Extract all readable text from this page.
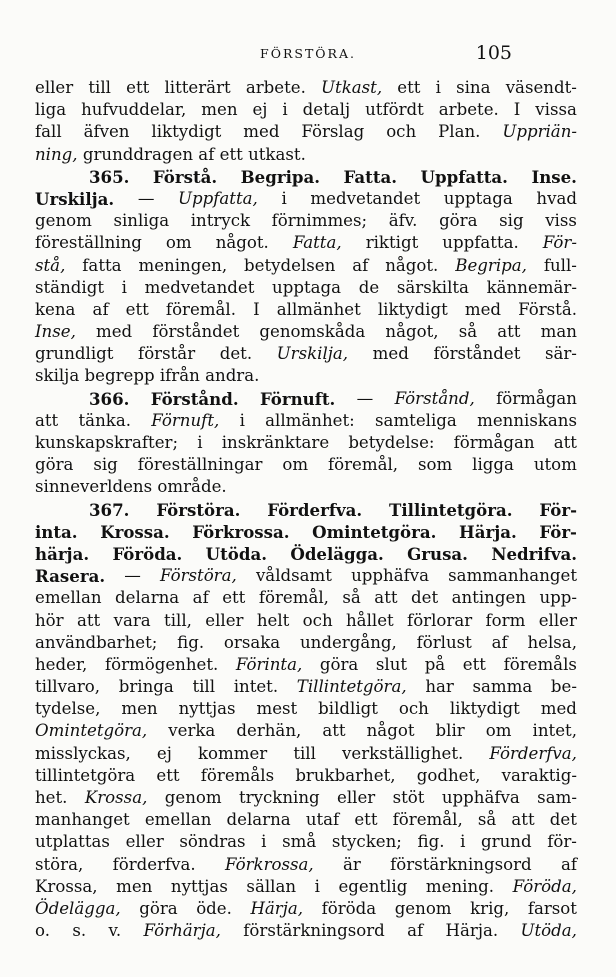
FÖRSTÖRA.	105
eller till ett litterärt arbete. Utkast, ett i sina väsendt-
liga hufvuddelar, men ej i detalj utfördt arbete. I vissa
fall äfven liktydigt med Förslag och Plan. Uppriän-
ning,
grunddragen
af
ett
utkast.

365. Förstå. Begripa. Fatta. Uppfatta. Inse.
Urskilja. — Uppfatta, i medvetandet upptaga hvad
genom sinliga intryck förnimmes; äfv. göra sig viss
föreställning om något. Fatta, riktigt uppfatta. För-
stå, fatta meningen, betydelsen af något. Begripa, full-
ständigt i medvetandet upptaga de särskilta kännemär-
kena af ett föremål. I allmänhet liktydigt med Förstå.
Inse, med förståndet genomskåda något, så att man
grundligt förstår det. Urskilja, med förståndet sär-
skilja
begrepp
ifrån
andra.

366. Förstånd. Förnuft. — Förstånd, förmågan
att tänka. Förnuft, i allmänhet: samteliga menniskans
kunskapskrafter; i inskränktare betydelse: förmågan att
göra sig föreställningar om föremål, som ligga utom
sinneverldens
område.

367. Förstöra. Förderfva. Tillintetgöra. För-
inta. Krossa. Förkrossa. Omintetgöra. Härja. För-
härja. Föröda. Utöda. Ödelägga. Grusa. Nedrifva.
Rasera. — Förstöra, våldsamt upphäfva sammanhanget
emellan delarna af ett föremål, så att det antingen upp-
hör att vara till, eller helt och hållet förlorar form eller
användbarhet; fig. orsaka undergång, förlust af helsa,
heder, förmögenhet. Förinta, göra slut på ett föremåls
tillvaro, bringa till intet. Tillintetgöra, har samma be-
tydelse, men nyttjas mest bildligt och liktydigt med
Omintetgöra, verka derhän, att något blir om intet,
misslyckas, ej kommer till verkställighet. Förderfva,
tillintetgöra ett föremåls brukbarhet, godhet, varaktig-
het. Krossa, genom tryckning eller stöt upphäfva sam-
manhanget emellan delarna utaf ett föremål, så att det
utplattas eller söndras i små stycken; fig. i grund för-
störa, förderfva. Förkrossa, är förstärkningsord af
Krossa, men nyttjas sällan i egentlig mening. Föröda,
Ödelägga, göra öde. Härja, föröda genom krig, farsot
o. s. v. Förhärja, förstärkningsord af Härja. Utöda,
